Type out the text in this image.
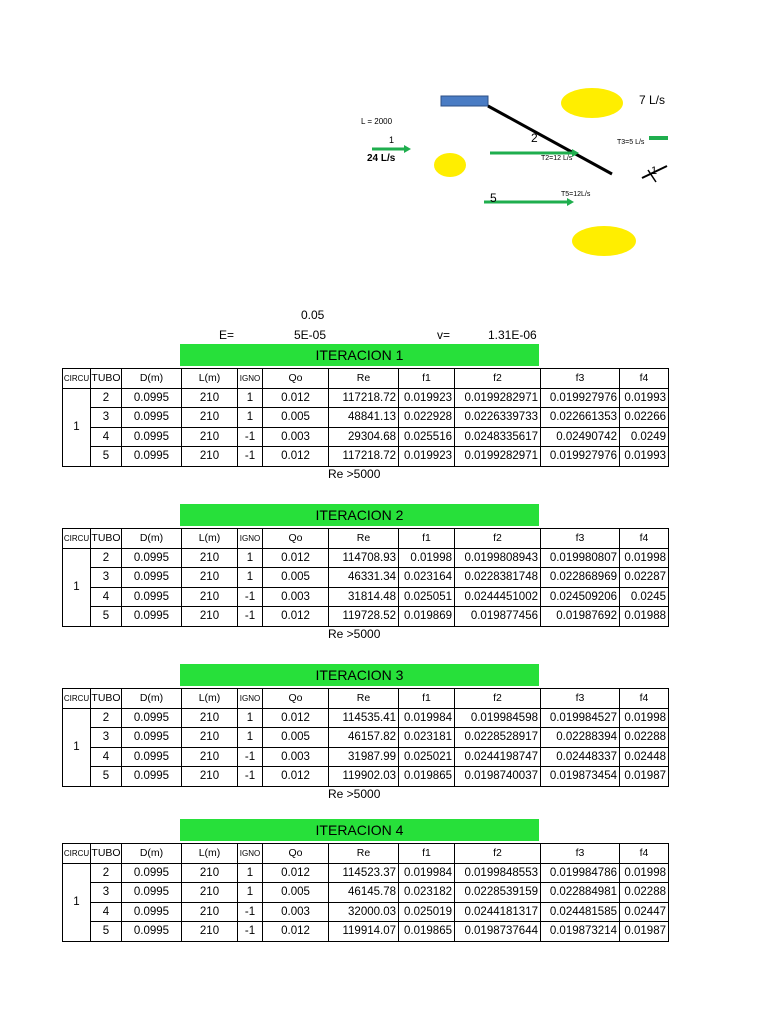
7 L/s
L = 2000
1
24 L/s
2
T2=12 L/s
T3=5 L/s
1
T5=12L/s
5
0.05
E=	5E-05	v=	1.31E-06
ITERACION 1
CIRCU	TUBO	D(m)	L(m)	IGNO	Qo	Re	f1	f2	f3	f4
1	2	0.0995	210	1	0.012	117218.72	0.019923	0.0199282971	0.019927976	0.01993
	3	0.0995	210	1	0.005	48841.13	0.022928	0.0226339733	0.022661353	0.02266
	4	0.0995	210	-1	0.003	29304.68	0.025516	0.0248335617	0.02490742	0.0249
	5	0.0995	210	-1	0.012	117218.72	0.019923	0.0199282971	0.019927976	0.01993
Re >5000
ITERACION 2
CIRCU	TUBO	D(m)	L(m)	IGNO	Qo	Re	f1	f2	f3	f4
1	2	0.0995	210	1	0.012	114708.93	0.01998	0.0199808943	0.019980807	0.01998
	3	0.0995	210	1	0.005	46331.34	0.023164	0.0228381748	0.022868969	0.02287
	4	0.0995	210	-1	0.003	31814.48	0.025051	0.0244451002	0.024509206	0.0245
	5	0.0995	210	-1	0.012	119728.52	0.019869	0.019877456	0.01987692	0.01988
Re >5000
ITERACION 3
CIRCU	TUBO	D(m)	L(m)	IGNO	Qo	Re	f1	f2	f3	f4
1	2	0.0995	210	1	0.012	114535.41	0.019984	0.019984598	0.019984527	0.01998
	3	0.0995	210	1	0.005	46157.82	0.023181	0.0228528917	0.02288394	0.02288
	4	0.0995	210	-1	0.003	31987.99	0.025021	0.0244198747	0.02448337	0.02448
	5	0.0995	210	-1	0.012	119902.03	0.019865	0.0198740037	0.019873454	0.01987
Re >5000
ITERACION 4
CIRCU	TUBO	D(m)	L(m)	IGNO	Qo	Re	f1	f2	f3	f4
1	2	0.0995	210	1	0.012	114523.37	0.019984	0.0199848553	0.019984786	0.01998
	3	0.0995	210	1	0.005	46145.78	0.023182	0.0228539159	0.022884981	0.02288
	4	0.0995	210	-1	0.003	32000.03	0.025019	0.0244181317	0.024481585	0.02447
	5	0.0995	210	-1	0.012	119914.07	0.019865	0.0198737644	0.019873214	0.01987
